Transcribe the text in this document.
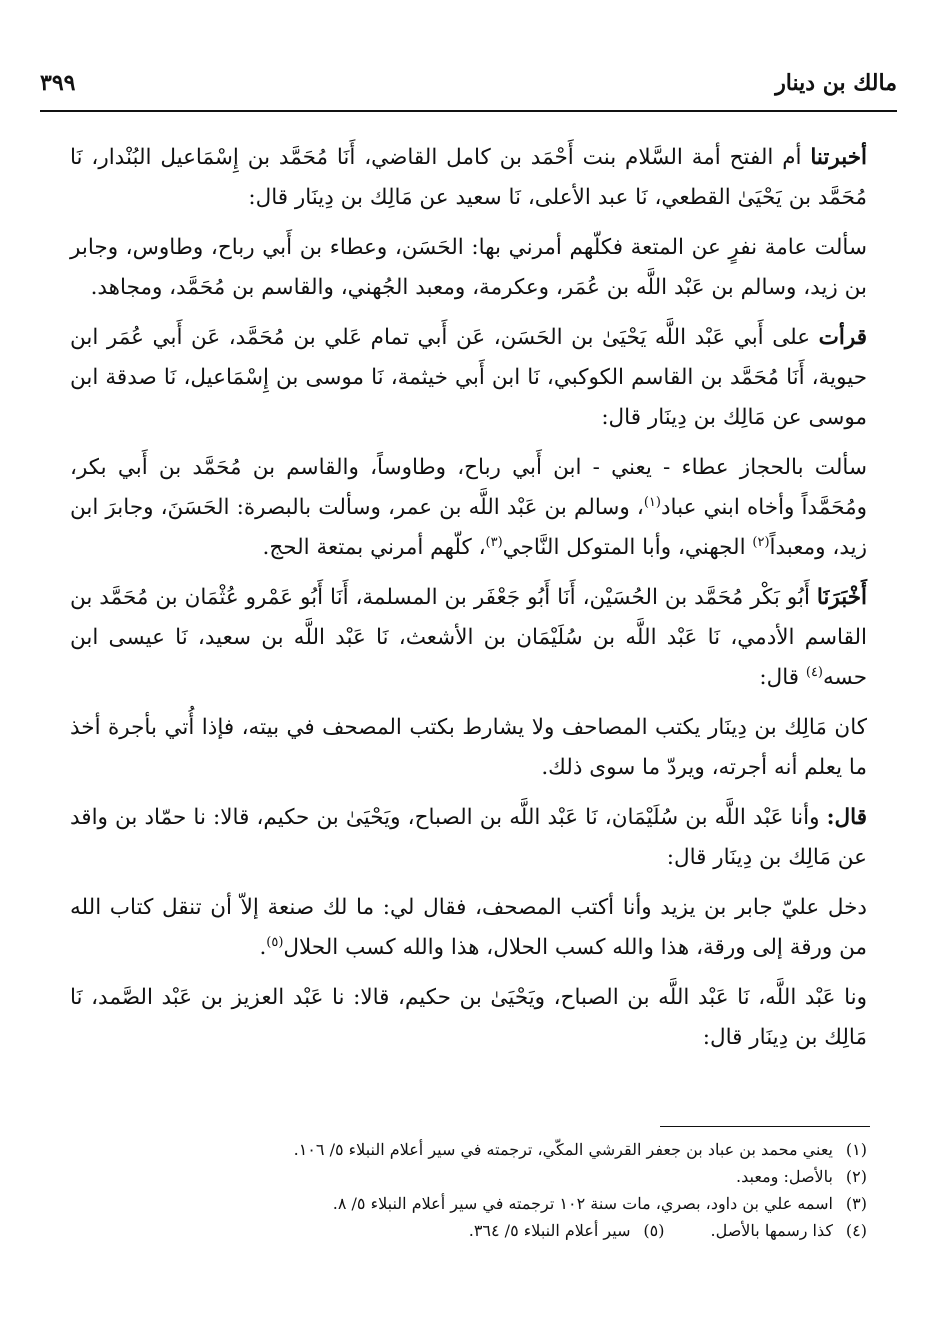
مالك بن دينار
٣٩٩

أخبرتنا أم الفتح أمة السَّلام بنت أَحْمَد بن كامل القاضي، أَنَا مُحَمَّد بن إِسْمَاعيل البُنْدار، نَا مُحَمَّد بن يَحْيَىٰ القطعي، نَا عبد الأعلى، نَا سعيد عن مَالِك بن دِينَار قال:

سألت عامة نفرٍ عن المتعة فكلّهم أمرني بها: الحَسَن، وعطاء بن أَبي رباح، وطاوس، وجابر بن زيد، وسالم بن عَبْد اللَّه بن عُمَر، وعكرمة، ومعبد الجُهني، والقاسم بن مُحَمَّد، ومجاهد.

قرأت على أَبي عَبْد اللَّه يَحْيَىٰ بن الحَسَن، عَن أَبي تمام عَلي بن مُحَمَّد، عَن أَبي عُمَر ابن حيوية، أَنَا مُحَمَّد بن القاسم الكوكبي، نَا ابن أَبي خيثمة، نَا موسى بن إِسْمَاعيل، نَا صدقة ابن موسى عن مَالِك بن دِينَار قال:

سألت بالحجاز عطاء - يعني - ابن أَبي رباح، وطاوساً، والقاسم بن مُحَمَّد بن أَبي بكر، ومُحَمَّداً وأخاه ابني عباد$^{(١)}$، وسالم بن عَبْد اللَّه بن عمر، وسألت بالبصرة: الحَسَنَ، وجابرَ ابن زيد، ومعبداً$^{(٢)}$ الجهني، وأبا المتوكل النَّاجي$^{(٣)}$، كلّهم أمرني بمتعة الحج.

أَخْبَرَنَا أَبُو بَكْر مُحَمَّد بن الحُسَيْن، أَنَا أَبُو جَعْفَر بن المسلمة، أَنَا أَبُو عَمْرو عُثْمَان بن مُحَمَّد بن القاسم الأدمي، نَا عَبْد اللَّه بن سُلَيْمَان بن الأشعث، نَا عَبْد اللَّه بن سعيد، نَا عيسى ابن حسه$^{(٤)}$ قال:

كان مَالِك بن دِينَار يكتب المصاحف ولا يشارط بكتب المصحف في بيته، فإذا أُتي بأجرة أخذ ما يعلم أنه أجرته، ويردّ ما سوى ذلك.

قال: وأنا عَبْد اللَّه بن سُلَيْمَان، نَا عَبْد اللَّه بن الصباح، ويَحْيَىٰ بن حكيم، قالا: نا حمّاد بن واقد عن مَالِك بن دِينَار قال:

دخل عليّ جابر بن يزيد وأنا أكتب المصحف، فقال لي: ما لك صنعة إلاّ أن تنقل كتاب الله من ورقة إلى ورقة، هذا والله كسب الحلال، هذا والله كسب الحلال$^{(٥)}$.

ونا عَبْد اللَّه، نَا عَبْد اللَّه بن الصباح، ويَحْيَىٰ بن حكيم، قالا: نا عَبْد العزيز بن عَبْد الصَّمد، نَا مَالِك بن دِينَار قال:

(١)يعني محمد بن عباد بن جعفر القرشي المكّي، ترجمته في سير أعلام النبلاء ٥/ ١٠٦.

(٢)بالأصل: ومعبد.

(٣)اسمه علي بن داود، بصري، مات سنة ١٠٢ ترجمته في سير أعلام النبلاء ٥/ ٨.

(٤)كذا رسمها بالأصل.

(٥)سير أعلام النبلاء ٥/ ٣٦٤.
